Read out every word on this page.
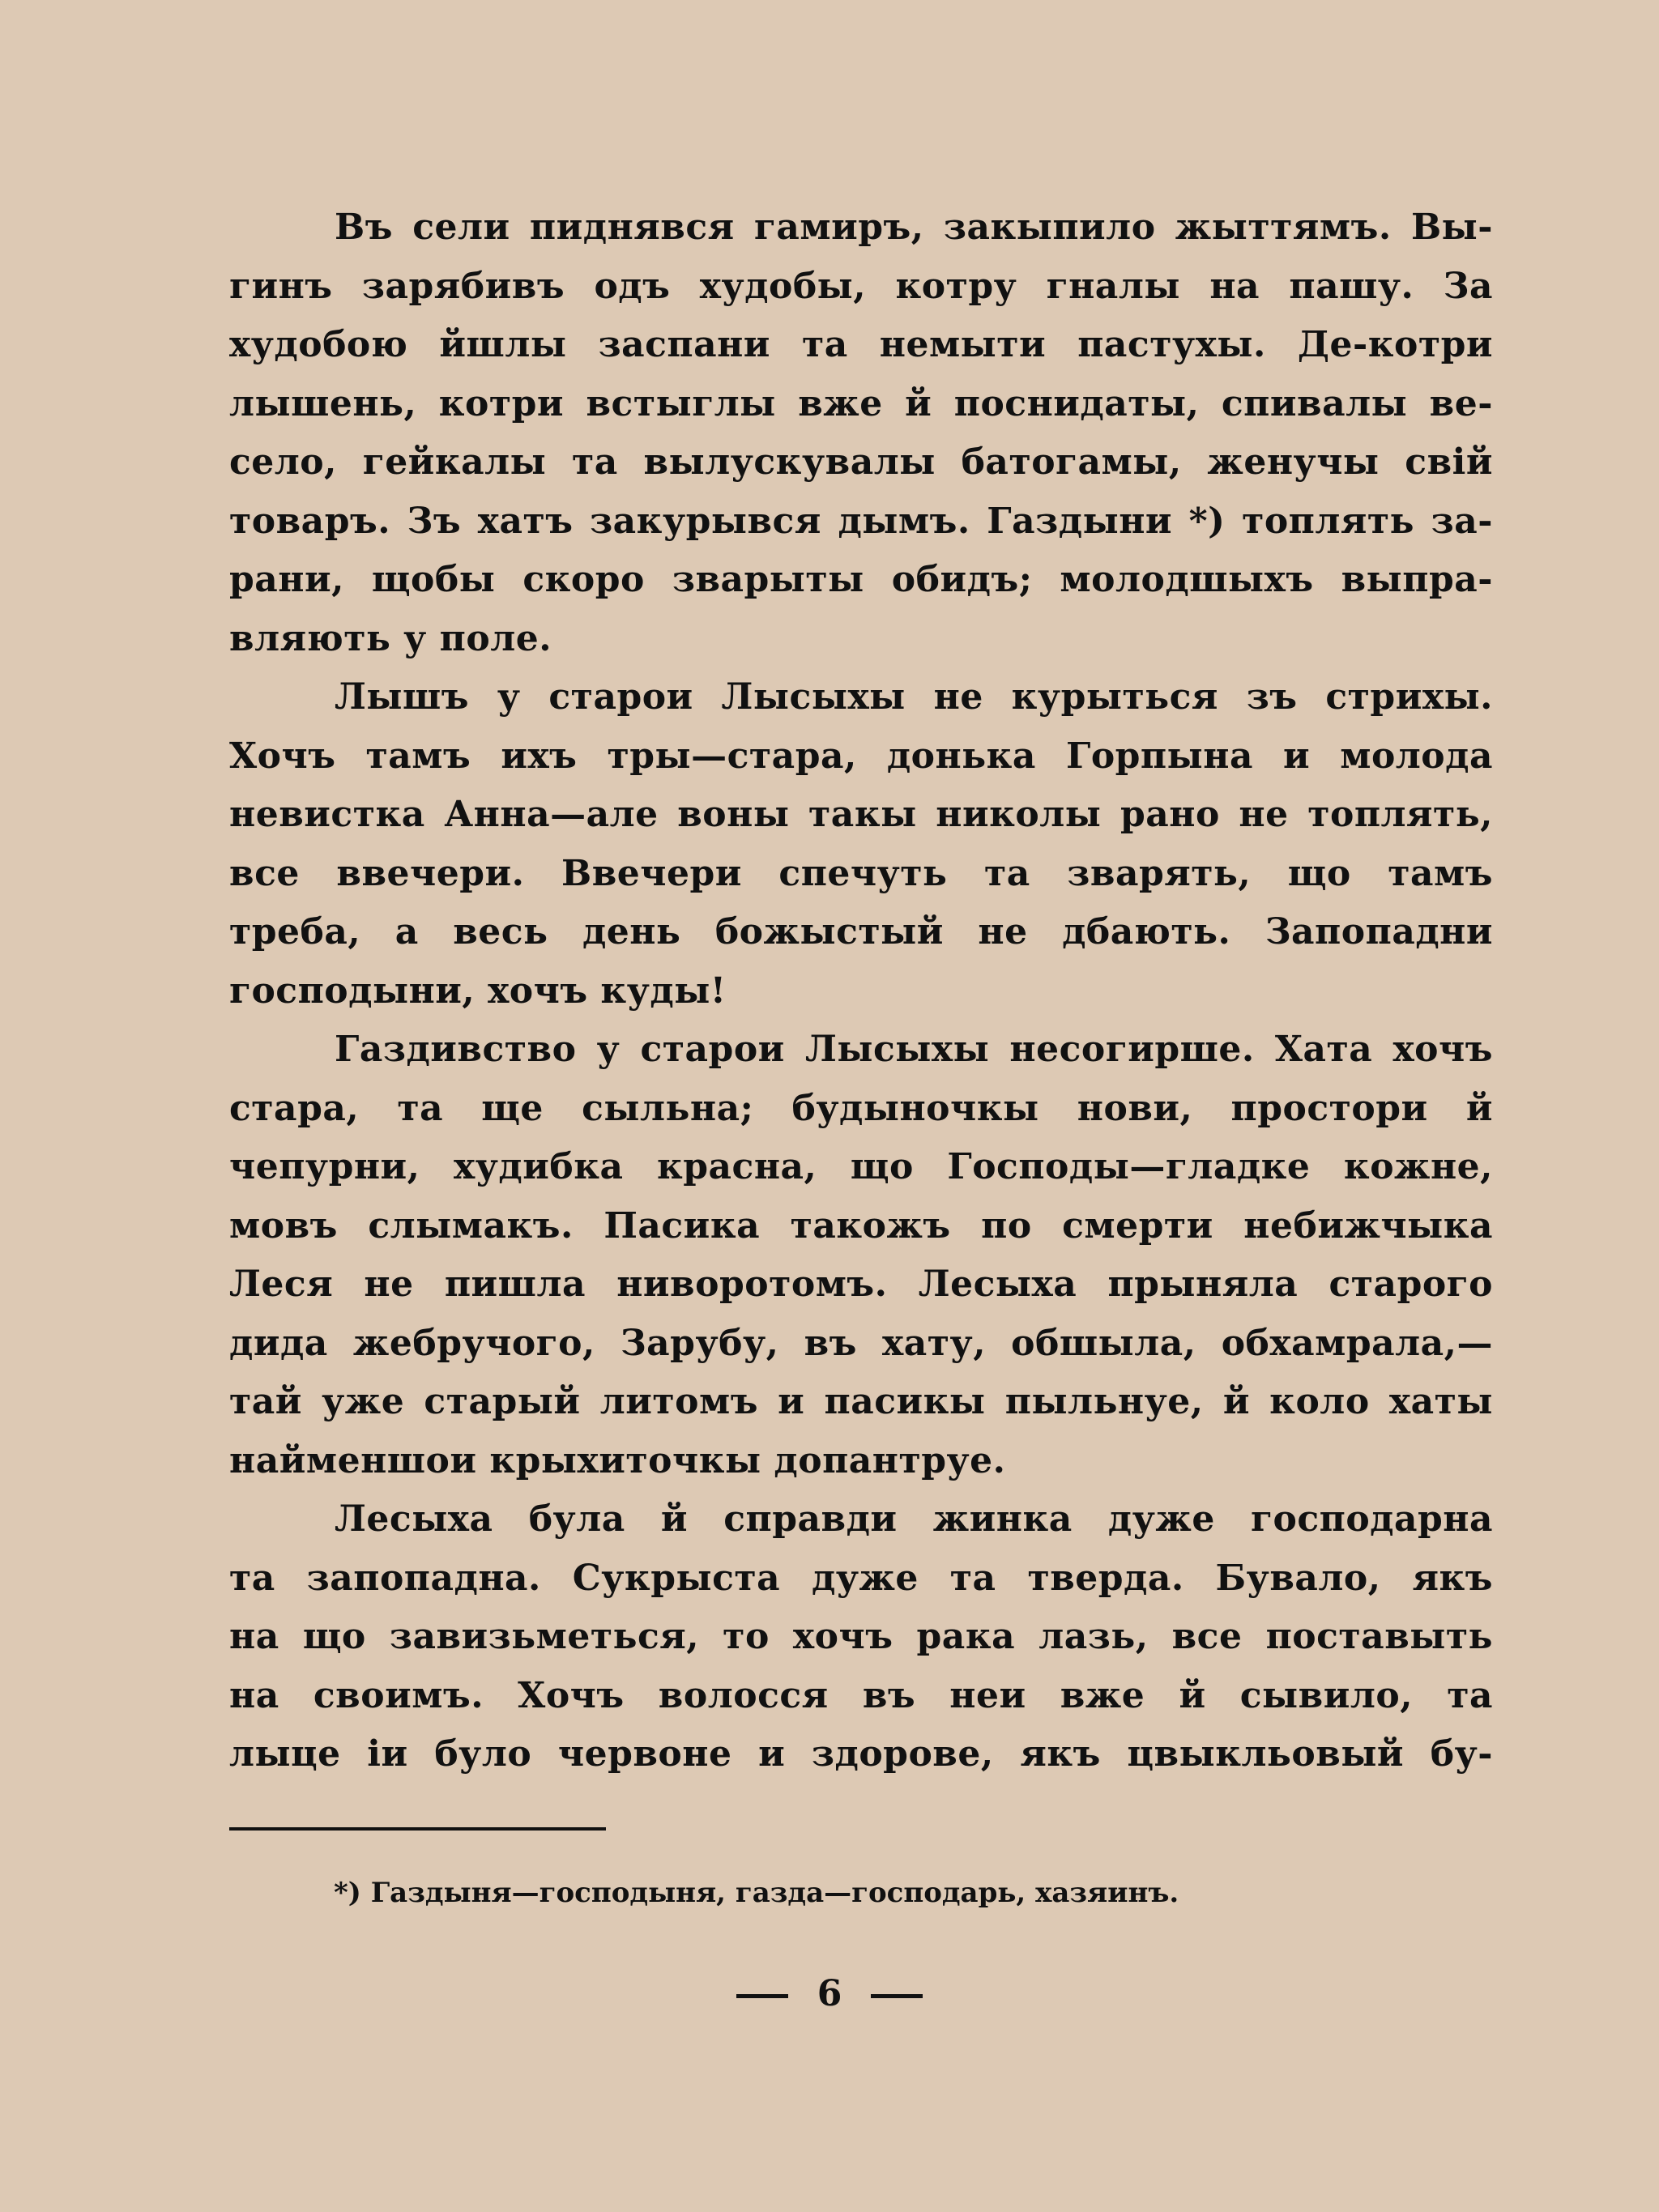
Въ сели пиднявся гамиръ, закыпило жыттямъ. Вы-
гинъ зарябивъ одъ худобы, котру гналы на пашу. За
худобою йшлы заспани та немыти пастухы. Де-котри
лышень, котри встыглы вже й поснидаты, спивалы ве-
село, гейкалы та вылускувалы батогамы, женучы свій
товаръ. Зъ хатъ закурывся дымъ. Газдыни *) топлять за-
рани, щобы скоро зварыты обидъ; молодшыхъ выпра-
вляють у поле.
Лышъ у старои Лысыхы не курыться зъ стрихы.
Хочъ тамъ ихъ тры—стара, донька Горпына и молода
невистка Анна—але воны такы николы рано не топлять,
все ввечери. Ввечери спечуть та зварять, що тамъ
треба, а весь день божыстый не дбають. Запопадни
господыни, хочъ куды!
Газдивство у старои Лысыхы несогирше. Хата хочъ
стара, та ще сыльна; будыночкы нови, простори й
чепурни, худибка красна, що Господы—гладке кожне,
мовъ слымакъ. Пасика такожъ по смерти небижчыка
Леся не пишла ниворотомъ. Лесыха прыняла старого
дида жебручого, Зарубу, въ хату, обшыла, обхамрала,—
тай уже старый литомъ и пасикы пыльнуе, й коло хаты
найменшои крыхиточкы допантруе.
Лесыха була й справди жинка дуже господарна
та запопадна. Сукрыста дуже та тверда. Бувало, якъ
на що завизьметься, то хочъ рака лазь, все поставыть
на своимъ. Хочъ волосся въ неи вже й сывило, та
лыце іи було червоне и здорове, якъ цвыкльовый бу-
*) Газдыня—господыня, газда—господарь, хазяинъ.
6
